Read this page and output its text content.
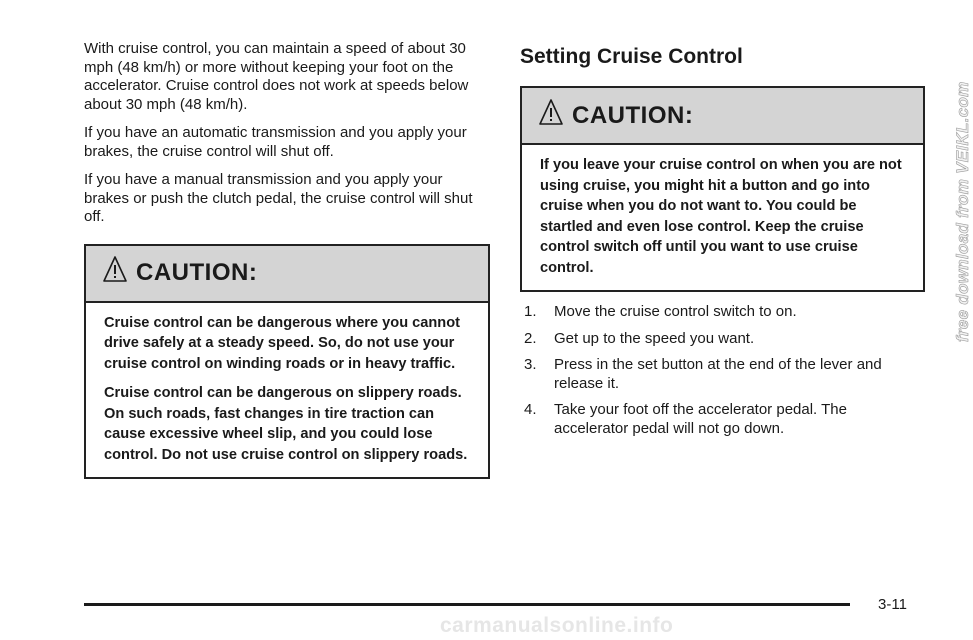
With cruise control, you can maintain a speed of about 30 mph (48 km/h) or more without keeping your foot on the accelerator. Cruise control does not work at speeds below about 30 mph (48 km/h).

If you have an automatic transmission and you apply your brakes, the cruise control will shut off.

If you have a manual transmission and you apply your brakes or push the clutch pedal, the cruise control will shut off.

CAUTION:

Cruise control can be dangerous where you cannot drive safely at a steady speed. So, do not use your cruise control on winding roads or in heavy traffic.

Cruise control can be dangerous on slippery roads. On such roads, fast changes in tire traction can cause excessive wheel slip, and you could lose control. Do not use cruise control on slippery roads.

Setting Cruise Control
CAUTION:

If you leave your cruise control on when you are not using cruise, you might hit a button and go into cruise when you do not want to. You could be startled and even lose control. Keep the cruise control switch off until you want to use cruise control.

1.	Move the cruise control switch to on.
2.	Get up to the speed you want.
3.	Press in the set button at the end of the lever and release it.
4.	Take your foot off the accelerator pedal. The accelerator pedal will not go down.
3-11
carmanualsonline.info
free download from VEIKL.com
